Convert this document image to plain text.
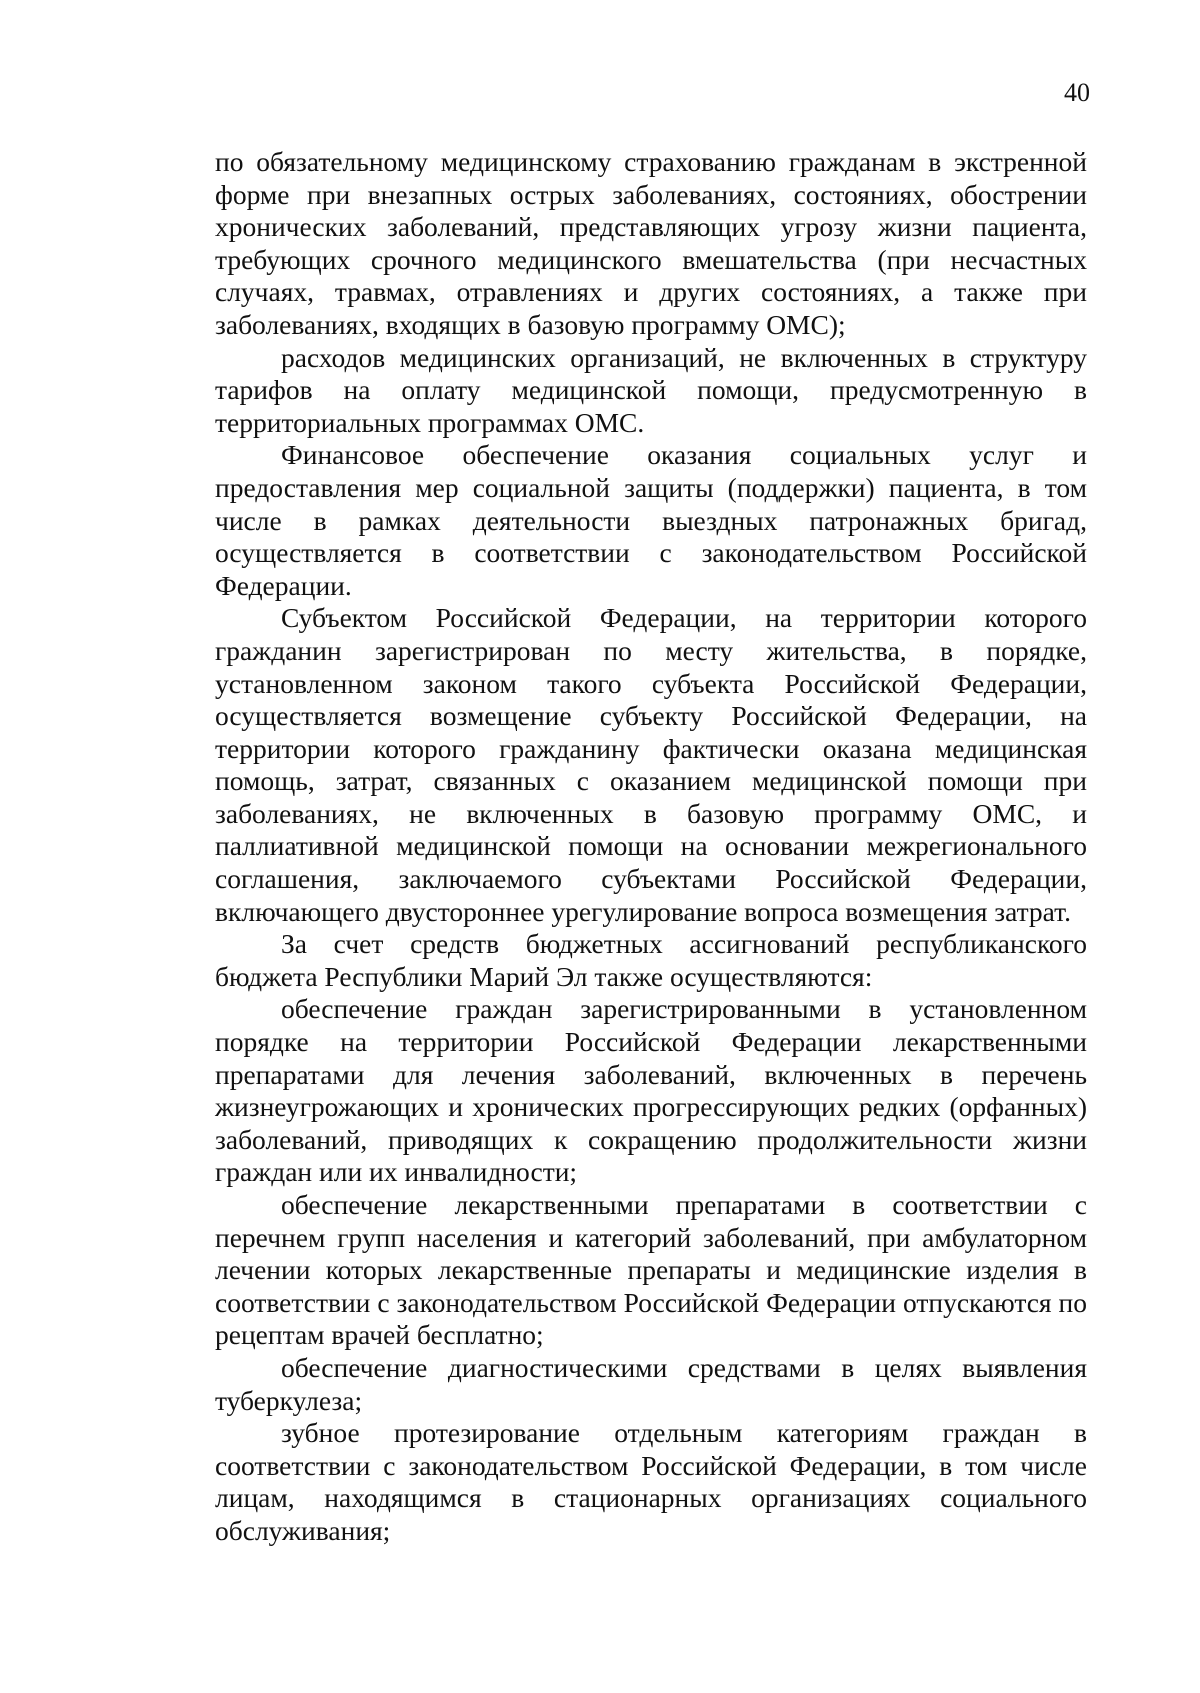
40

по обязательному медицинскому страхованию гражданам в экстренной форме при внезапных острых заболеваниях, состояниях, обострении хронических заболеваний, представляющих угрозу жизни пациента, требующих срочного медицинского вмешательства (при несчастных случаях, травмах, отравлениях и других состояниях, а также при заболеваниях, входящих в базовую программу ОМС);

расходов медицинских организаций, не включенных в структуру тарифов на оплату медицинской помощи, предусмотренную в территориальных программах ОМС.

Финансовое обеспечение оказания социальных услуг и предоставления мер социальной защиты (поддержки) пациента, в том числе в рамках деятельности выездных патронажных бригад, осуществляется в соответствии с законодательством Российской Федерации.

Субъектом Российской Федерации, на территории которого гражданин зарегистрирован по месту жительства, в порядке, установленном законом такого субъекта Российской Федерации, осуществляется возмещение субъекту Российской Федерации, на территории которого гражданину фактически оказана медицинская помощь, затрат, связанных с оказанием медицинской помощи при заболеваниях, не включенных в базовую программу ОМС, и паллиативной медицинской помощи на основании межрегионального соглашения, заключаемого субъектами Российской Федерации, включающего двустороннее урегулирование вопроса возмещения затрат.

За счет средств бюджетных ассигнований республиканского бюджета Республики Марий Эл также осуществляются:

обеспечение граждан зарегистрированными в установленном порядке на территории Российской Федерации лекарственными препаратами для лечения заболеваний, включенных в перечень жизнеугрожающих и хронических прогрессирующих редких (орфанных) заболеваний, приводящих к сокращению продолжительности жизни граждан или их инвалидности;

обеспечение лекарственными препаратами в соответствии с перечнем групп населения и категорий заболеваний, при амбулаторном лечении которых лекарственные препараты и медицинские изделия в соответствии с законодательством Российской Федерации отпускаются по рецептам врачей бесплатно;

обеспечение диагностическими средствами в целях выявления туберкулеза;

зубное протезирование отдельным категориям граждан в соответствии с законодательством Российской Федерации, в том числе лицам, находящимся в стационарных организациях социального обслуживания;
